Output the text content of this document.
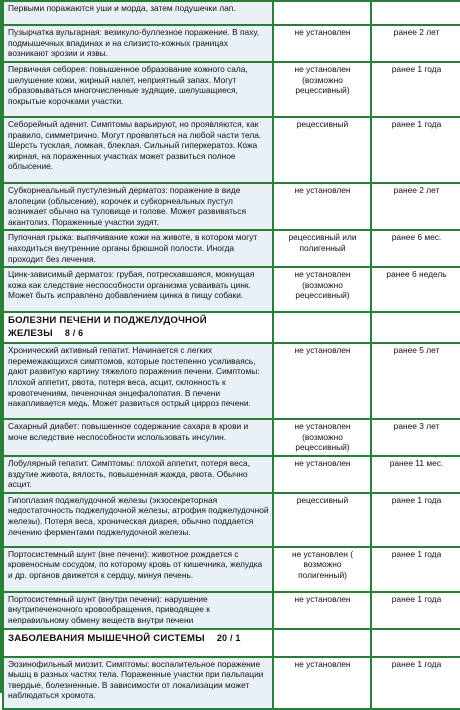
Первыми поражаются уши и морда, затем подушечки лап.		
Пузырчатка вульгарная: везикуло-буллезное поражение. В паху, подмышечных впадинах и на слизисто-кожных границах возникают эрозии и язвы.	не установлен	ранее 2 лет
Первичная себорея: повышенное образование кожного сала, шелушение кожи, жирный налет, неприятный запах. Могут образовываться многочисленные зудящие, шелушащиеся, покрытые корочками участки.	не установлен (возможно рецессивный)	ранее 1 года
Себорейный аденит. Симптомы варьируют, но проявляются, как правило, симметрично. Могут проявляться на любой части тела. Шерсть тусклая, ломкая, блеклая. Сильный гиперкератоз. Кожа жирная, на пораженных участках может развиться полное облысение.	рецессивный	ранее 1 года
Субкорнеальный пустулезный дерматоз: поражение в виде алопеции (облысение), корочек и субкорнеальных пустул возникает обычно на туловище и голове. Может развиваться акантолиз. Пораженные участки зудят.	не установлен	ранее 2 лет
Пупочная грыжа: выпячивание кожи на животе, в котором могут находиться внутренние органы брюшной полости. Иногда проходит без лечения.	рецессивный или полигенный	ранее 6 мес.
Цинк-зависимый дерматоз: грубая, потрескавшаяся, мокнущая кожа как следствие неспособности организма усваивать цинк. Может быть исправлено добавлением цинка в пищу собаки.	не установлен (возможно рецессивный)	ранее 6 недель
БОЛЕЗНИ ПЕЧЕНИ И ПОДЖЕЛУДОЧНОЙ ЖЕЛЕЗЫ 8 / 6		
Хронический активный гепатит. Начинается с легких перемежающихся симптомов, которые постепенно усиливаясь, дают развитую картину тяжелого поражения печени. Симптомы: плохой аппетит, рвота, потеря веса, асцит, склонность к кровотечениям, печеночная энцефалопатия. В печени накапливается медь. Может развиться острый цирроз печени.	не установлен	ранее 5 лет
Сахарный диабет: повышенное содержание сахара в крови и моче вследствие неспособности использовать инсулин.	не установлен (возможно рецессивный)	ранее 3 лет
Лобулярный гепатит. Симптомы: плохой аппетит, потеря веса, вздутие живота, вялость, повышенная жажда, рвота. Обычно асцит.	не установлен	ранее 11 мес.
Гипоплазия поджелудочной железы (экзосекреторная недостаточность поджелудочной железы, атрофия поджелудочной железы). Потеря веса, хроническая диарея, обычно поддается лечению ферментами поджелудочной железы.	рецессивный	ранее 1 года
Портосистемный шунт (вне печени): животное рождается с кровеносным сосудом, по которому кровь от кишечника, желудка и др. органов движется к сердцу, минуя печень.	не установлен ( возможно полигенный)	ранее 1 года
Портосистемный шунт (внутри печени): нарушение внутрипеченочного кровообращения, приводящее к неправильному обмену веществ внутри печени	не установлен	ранее 1 года
ЗАБОЛЕВАНИЯ МЫШЕЧНОЙ СИСТЕМЫ 20 / 1		
Эозинофильный миозит. Симптомы: воспалительное поражение мышц в разных частях тела. Пораженные участки при пальпации твердые, болезненные. В зависимости от локализации может наблюдаться хромота.	не установлен	ранее 1 года
